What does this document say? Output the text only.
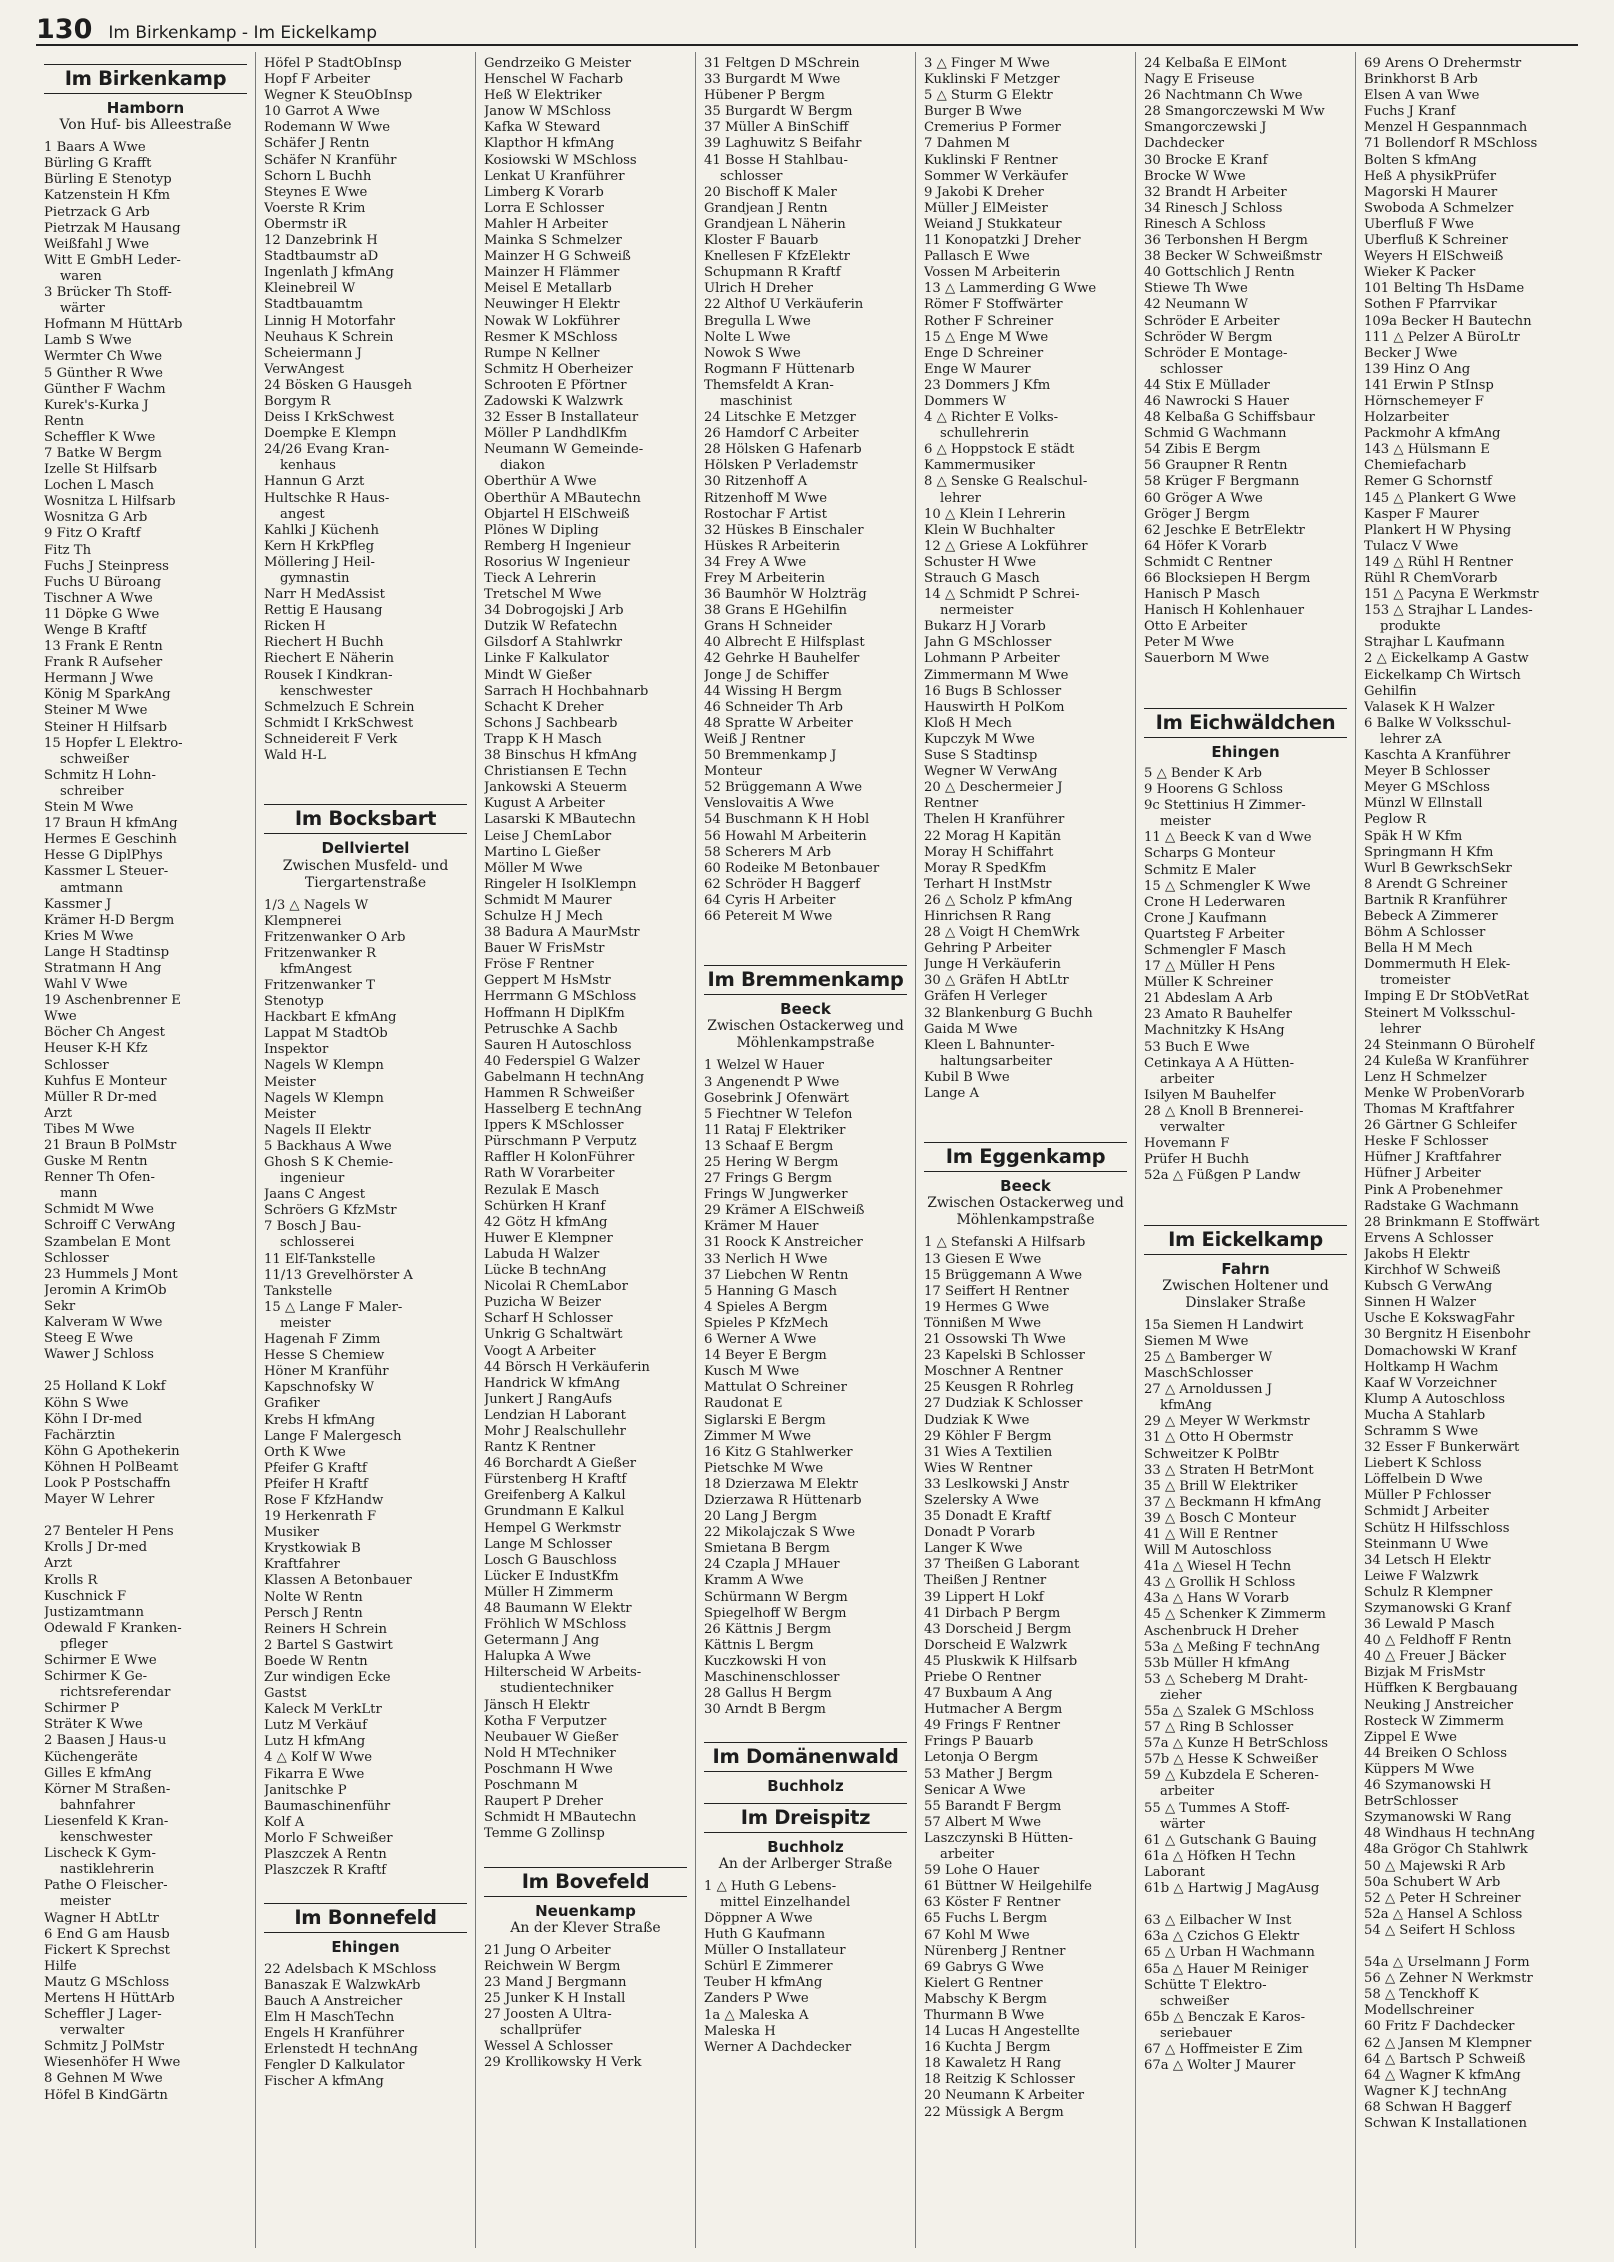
130 Im Birkenkamp - Im Eickelkamp
Im Birkenkamp
Hamborn
Von Huf- bis Alleestraße
1 Baars A Wwe
Bürling G Krafft
Bürling E Stenotyp
Katzenstein H Kfm
Pietrzack G Arb
Pietrzak M Hausang
Weißfahl J Wwe
Witt E GmbH Leder-
waren
3 Brücker Th Stoff-
wärter
Hofmann M HüttArb
Lamb S Wwe
Wermter Ch Wwe
5 Günther R Wwe
Günther F Wachm
Kurek's-Kurka J
Rentn
Scheffler K Wwe
7 Batke W Bergm
Izelle St Hilfsarb
Lochen L Masch
Wosnitza L Hilfsarb
Wosnitza G Arb
9 Fitz O Kraftf
Fitz Th
Fuchs J Steinpress
Fuchs U Büroang
Tischner A Wwe
11 Döpke G Wwe
Wenge B Kraftf
13 Frank E Rentn
Frank R Aufseher
Hermann J Wwe
König M SparkAng
Steiner M Wwe
Steiner H Hilfsarb
15 Hopfer L Elektro-
schweißer
Schmitz H Lohn-
schreiber
Stein M Wwe
17 Braun H kfmAng
Hermes E Geschinh
Hesse G DiplPhys
Kassmer L Steuer-
amtmann
Kassmer J
Krämer H-D Bergm
Kries M Wwe
Lange H Stadtinsp
Stratmann H Ang
Wahl V Wwe
19 Aschenbrenner E
Wwe
Böcher Ch Angest
Heuser K-H Kfz
Schlosser
Kuhfus E Monteur
Müller R Dr-med
Arzt
Tibes M Wwe
21 Braun B PolMstr
Guske M Rentn
Renner Th Ofen-
mann
Schmidt M Wwe
Schroiff C VerwAng
Szambelan E Mont
Schlosser
23 Hummels J Mont
Jeromin A KrimOb
Sekr
Kalveram W Wwe
Steeg E Wwe
Wawer J Schloss

25 Holland K Lokf
Köhn S Wwe
Köhn I Dr-med
Fachärztin
Köhn G Apothekerin
Köhnen H PolBeamt
Look P Postschaffn
Mayer W Lehrer

27 Benteler H Pens
Krolls J Dr-med
Arzt
Krolls R
Kuschnick F
Justizamtmann
Odewald F Kranken-
pfleger
Schirmer E Wwe
Schirmer K Ge-
richtsreferendar
Schirmer P
Sträter K Wwe
2 Baasen J Haus-u
Küchengeräte
Gilles E kfmAng
Körner M Straßen-
bahnfahrer
Liesenfeld K Kran-
kenschwester
Lischeck K Gym-
nastiklehrerin
Pathe O Fleischer-
meister
Wagner H AbtLtr
6 End G am Hausb
Fickert K Sprechst
Hilfe
Mautz G MSchloss
Mertens H HüttArb
Scheffler J Lager-
verwalter
Schmitz J PolMstr
Wiesenhöfer H Wwe
8 Gehnen M Wwe
Höfel B KindGärtn
Höfel P StadtObInsp
Hopf F Arbeiter
Wegner K SteuObInsp
10 Garrot A Wwe
Rodemann W Wwe
Schäfer J Rentn
Schäfer N Kranführ
Schorn L Buchh
Steynes E Wwe
Voerste R Krim
Obermstr iR
12 Danzebrink H
Stadtbaumstr aD
Ingenlath J kfmAng
Kleinebreil W
Stadtbauamtm
Linnig H Motorfahr
Neuhaus K Schrein
Scheiermann J
VerwAngest
24 Bösken G Hausgeh
Borgym R
Deiss I KrkSchwest
Doempke E Klempn
24/26 Evang Kran-
kenhaus
Hannun G Arzt
Hultschke R Haus-
angest
Kahlki J Küchenh
Kern H KrkPfleg
Möllering J Heil-
gymnastin
Narr H MedAssist
Rettig E Hausang
Ricken H
Riechert H Buchh
Riechert E Näherin
Rousek I Kindkran-
kenschwester
Schmelzuch E Schrein
Schmidt I KrkSchwest
Schneidereit F Verk
Wald H-L

Im Bocksbart
Dellviertel
Zwischen Musfeld- und Tiergartenstraße
1/3 △ Nagels W
Klempnerei
Fritzenwanker O Arb
Fritzenwanker R
kfmAngest
Fritzenwanker T
Stenotyp
Hackbart E kfmAng
Lappat M StadtOb
Inspektor
Nagels W Klempn
Meister
Nagels W Klempn
Meister
Nagels II Elektr
5 Backhaus A Wwe
Ghosh S K Chemie-
ingenieur
Jaans C Angest
Schröers G KfzMstr
7 Bosch J Bau-
schlosserei
11 Elf-Tankstelle
11/13 Grevelhörster A
Tankstelle
15 △ Lange F Maler-
meister
Hagenah F Zimm
Hesse S Chemiew
Höner M Kranführ
Kapschnofsky W
Grafiker
Krebs H kfmAng
Lange F Malergesch
Orth K Wwe
Pfeifer G Kraftf
Pfeifer H Kraftf
Rose F KfzHandw
19 Herkenrath F
Musiker
Krystkowiak B
Kraftfahrer
Klassen A Betonbauer
Nolte W Rentn
Persch J Rentn
Reiners H Schrein
2 Bartel S Gastwirt
Boede W Rentn
Zur windigen Ecke
Gastst
Kaleck M VerkLtr
Lutz M Verkäuf
Lutz H kfmAng
4 △ Kolf W Wwe
Fikarra E Wwe
Janitschke P
Baumaschinenführ
Kolf A
Morlo F Schweißer
Plaszczek A Rentn
Plaszczek R Kraftf

Im Bonnefeld
Ehingen
22 Adelsbach K MSchloss
Banaszak E WalzwkArb
Bauch A Anstreicher
Elm H MaschTechn
Engels H Kranführer
Erlenstedt H technAng
Fengler D Kalkulator
Fischer A kfmAng
Gendrzeiko G Meister
Henschel W Facharb
Heß W Elektriker
Janow W MSchloss
Kafka W Steward
Klapthor H kfmAng
Kosiowski W MSchloss
Lenkat U Kranführer
Limberg K Vorarb
Lorra E Schlosser
Mahler H Arbeiter
Mainka S Schmelzer
Mainzer H G Schweiß
Mainzer H Flämmer
Meisel E Metallarb
Neuwinger H Elektr
Nowak W Lokführer
Resmer K MSchloss
Rumpe N Kellner
Schmitz H Oberheizer
Schrooten E Pförtner
Zadowski K Walzwrk
32 Esser B Installateur
Möller P LandhdlKfm
Neumann W Gemeinde-
diakon
Oberthür A Wwe
Oberthür A MBautechn
Objartel H ElSchweiß
Plönes W Dipling
Remberg H Ingenieur
Rosorius W Ingenieur
Tieck A Lehrerin
Tretschel M Wwe
34 Dobrogojski J Arb
Dutzik W Refatechn
Gilsdorf A Stahlwrkr
Linke F Kalkulator
Mindt W Gießer
Sarrach H Hochbahnarb
Schacht K Dreher
Schons J Sachbearb
Trapp K H Masch
38 Binschus H kfmAng
Christiansen E Techn
Jankowski A Steuerm
Kugust A Arbeiter
Lasarski K MBautechn
Leise J ChemLabor
Martino L Gießer
Möller M Wwe
Ringeler H IsolKlempn
Schmidt M Maurer
Schulze H J Mech
38 Badura A MaurMstr
Bauer W FrisMstr
Fröse F Rentner
Geppert M HsMstr
Herrmann G MSchloss
Hoffmann H DiplKfm
Petruschke A Sachb
Sauren H Autoschloss
40 Federspiel G Walzer
Gabelmann H technAng
Hammen R Schweißer
Hasselberg E technAng
Ippers K MSchlosser
Pürschmann P Verputz
Raffler H KolonFührer
Rath W Vorarbeiter
Rezulak E Masch
Schürken H Kranf
42 Götz H kfmAng
Huwer E Klempner
Labuda H Walzer
Lücke B technAng
Nicolai R ChemLabor
Puzicha W Beizer
Scharf H Schlosser
Unkrig G Schaltwärt
Voogt A Arbeiter
44 Börsch H Verkäuferin
Handrick W kfmAng
Junkert J RangAufs
Lendzian H Laborant
Mohr J Realschullehr
Rantz K Rentner
46 Borchardt A Gießer
Fürstenberg H Kraftf
Greifenberg A Kalkul
Grundmann E Kalkul
Hempel G Werkmstr
Lange M Schlosser
Losch G Bauschloss
Lücker E IndustKfm
Müller H Zimmerm
48 Baumann W Elektr
Fröhlich W MSchloss
Getermann J Ang
Halupka A Wwe
Hilterscheid W Arbeits-
studientechniker
Jänsch H Elektr
Kotha F Verputzer
Neubauer W Gießer
Nold H MTechniker
Poschmann H Wwe
Poschmann M
Raupert P Dreher
Schmidt H MBautechn
Temme G Zollinsp

Im Bovefeld
Neuenkamp
An der Klever Straße
21 Jung O Arbeiter
Reichwein W Bergm
23 Mand J Bergmann
25 Junker K H Install
27 Joosten A Ultra-
schallprüfer
Wessel A Schlosser
29 Krollikowsky H Verk
31 Feltgen D MSchrein
33 Burgardt M Wwe
Hübener P Bergm
35 Burgardt W Bergm
37 Müller A BinSchiff
39 Laghuwitz S Beifahr
41 Bosse H Stahlbau-
schlosser
20 Bischoff K Maler
Grandjean J Rentn
Grandjean L Näherin
Kloster F Bauarb
Knellesen F KfzElektr
Schupmann R Kraftf
Ulrich H Dreher
22 Althof U Verkäuferin
Bregulla L Wwe
Nolte L Wwe
Nowok S Wwe
Rogmann F Hüttenarb
Themsfeldt A Kran-
maschinist
24 Litschke E Metzger
26 Hamdorf C Arbeiter
28 Hölsken G Hafenarb
Hölsken P Verlademstr
30 Ritzenhoff A
Ritzenhoff M Wwe
Rostochar F Artist
32 Hüskes B Einschaler
Hüskes R Arbeiterin
34 Frey A Wwe
Frey M Arbeiterin
36 Baumhör W Holzträg
38 Grans E HGehilfin
Grans H Schneider
40 Albrecht E Hilfsplast
42 Gehrke H Bauhelfer
Jonge J de Schiffer
44 Wissing H Bergm
46 Schneider Th Arb
48 Spratte W Arbeiter
Weiß J Rentner
50 Bremmenkamp J
Monteur
52 Brüggemann A Wwe
Venslovaitis A Wwe
54 Buschmann K H Hobl
56 Howahl M Arbeiterin
58 Scherers M Arb
60 Rodeike M Betonbauer
62 Schröder H Baggerf
64 Cyris H Arbeiter
66 Petereit M Wwe

Im Bremmenkamp
Beeck
Zwischen Ostackerweg und Möhlenkampstraße
1 Welzel W Hauer
3 Angenendt P Wwe
Gosebrink J Ofenwärt
5 Fiechtner W Telefon
11 Rataj F Elektriker
13 Schaaf E Bergm
25 Hering W Bergm
27 Frings G Bergm
Frings W Jungwerker
29 Krämer A ElSchweiß
Krämer M Hauer
31 Roock K Anstreicher
33 Nerlich H Wwe
37 Liebchen W Rentn
5 Hanning G Masch
4 Spieles A Bergm
Spieles P KfzMech
6 Werner A Wwe
14 Beyer E Bergm
Kusch M Wwe
Mattulat O Schreiner
Raudonat E
Siglarski E Bergm
Zimmer M Wwe
16 Kitz G Stahlwerker
Pietschke M Wwe
18 Dzierzawa M Elektr
Dzierzawa R Hüttenarb
20 Lang J Bergm
22 Mikolajczak S Wwe
Smietana B Bergm
24 Czapla J MHauer
Kramm A Wwe
Schürmann W Bergm
Spiegelhoff W Bergm
26 Kättnis J Bergm
Kättnis L Bergm
Kuczkowski H von
Maschinenschlosser
28 Gallus H Bergm
30 Arndt B Bergm

Im Domänenwald
Buchholz
Im Dreispitz
Buchholz
An der Arlberger Straße
1 △ Huth G Lebens-
mittel Einzelhandel
Döppner A Wwe
Huth G Kaufmann
Müller O Installateur
Schürl E Zimmerer
Teuber H kfmAng
Zanders P Wwe
1a △ Maleska A
Maleska H
Werner A Dachdecker
3 △ Finger M Wwe
Kuklinski F Metzger
5 △ Sturm G Elektr
Burger B Wwe
Cremerius P Former
7 Dahmen M
Kuklinski F Rentner
Sommer W Verkäufer
9 Jakobi K Dreher
Müller J ElMeister
Weiand J Stukkateur
11 Konopatzki J Dreher
Pallasch E Wwe
Vossen M Arbeiterin
13 △ Lammerding G Wwe
Römer F Stoffwärter
Rother F Schreiner
15 △ Enge M Wwe
Enge D Schreiner
Enge W Maurer
23 Dommers J Kfm
Dommers W
4 △ Richter E Volks-
schullehrerin
6 △ Hoppstock E städt
Kammermusiker
8 △ Senske G Realschul-
lehrer
10 △ Klein I Lehrerin
Klein W Buchhalter
12 △ Griese A Lokführer
Schuster H Wwe
Strauch G Masch
14 △ Schmidt P Schrei-
nermeister
Bukarz H J Vorarb
Jahn G MSchlosser
Lohmann P Arbeiter
Zimmermann M Wwe
16 Bugs B Schlosser
Hauswirth H PolKom
Kloß H Mech
Kupczyk M Wwe
Suse S Stadtinsp
Wegner W VerwAng
20 △ Deschermeier J
Rentner
Thelen H Kranführer
22 Morag H Kapitän
Moray H Schiffahrt
Moray R SpedKfm
Terhart H InstMstr
26 △ Scholz P kfmAng
Hinrichsen R Rang
28 △ Voigt H ChemWrk
Gehring P Arbeiter
Junge H Verkäuferin
30 △ Gräfen H AbtLtr
Gräfen H Verleger
32 Blankenburg G Buchh
Gaida M Wwe
Kleen L Bahnunter-
haltungsarbeiter
Kubil B Wwe
Lange A

Im Eggenkamp
Beeck
Zwischen Ostackerweg und Möhlenkampstraße
1 △ Stefanski A Hilfsarb
13 Giesen E Wwe
15 Brüggemann A Wwe
17 Seiffert H Rentner
19 Hermes G Wwe
Tönnißen M Wwe
21 Ossowski Th Wwe
23 Kapelski B Schlosser
Moschner A Rentner
25 Keusgen R Rohrleg
27 Dudziak K Schlosser
Dudziak K Wwe
29 Köhler F Bergm
31 Wies A Textilien
Wies W Rentner
33 Leslkowski J Anstr
Szelersky A Wwe
35 Donadt E Kraftf
Donadt P Vorarb
Langer K Wwe
37 Theißen G Laborant
Theißen J Rentner
39 Lippert H Lokf
41 Dirbach P Bergm
43 Dorscheid J Bergm
Dorscheid E Walzwrk
45 Pluskwik K Hilfsarb
Priebe O Rentner
47 Buxbaum A Ang
Hutmacher A Bergm
49 Frings F Rentner
Frings P Bauarb
Letonja O Bergm
53 Mather J Bergm
Senicar A Wwe
55 Barandt F Bergm
57 Albert M Wwe
Laszczynski B Hütten-
arbeiter
59 Lohe O Hauer
61 Büttner W Heilgehilfe
63 Köster F Rentner
65 Fuchs L Bergm
67 Kohl M Wwe
Nürenberg J Rentner
69 Gabrys G Wwe
Kielert G Rentner
Mabschy K Bergm
Thurmann B Wwe
14 Lucas H Angestellte
16 Kuchta J Bergm
18 Kawaletz H Rang
18 Reitzig K Schlosser
20 Neumann K Arbeiter
22 Müssigk A Bergm
24 Kelbaßa E ElMont
Nagy E Friseuse
26 Nachtmann Ch Wwe
28 Smangorczewski M Ww
Smangorczewski J
Dachdecker
30 Brocke E Kranf
Brocke W Wwe
32 Brandt H Arbeiter
34 Rinesch J Schloss
Rinesch A Schloss
36 Terbonshen H Bergm
38 Becker W Schweißmstr
40 Gottschlich J Rentn
Stiewe Th Wwe
42 Neumann W
Schröder E Arbeiter
Schröder W Bergm
Schröder E Montage-
schlosser
44 Stix E Müllader
46 Nawrocki S Hauer
48 Kelbaßa G Schiffsbaur
Schmid G Wachmann
54 Zibis E Bergm
56 Graupner R Rentn
58 Krüger F Bergmann
60 Gröger A Wwe
Gröger J Bergm
62 Jeschke E BetrElektr
64 Höfer K Vorarb
Schmidt C Rentner
66 Blocksiepen H Bergm
Hanisch P Masch
Hanisch H Kohlenhauer
Otto E Arbeiter
Peter M Wwe
Sauerborn M Wwe

Im Eichwäldchen
Ehingen
5 △ Bender K Arb
9 Hoorens G Schloss
9c Stettinius H Zimmer-
meister
11 △ Beeck K van d Wwe
Scharps G Monteur
Schmitz E Maler
15 △ Schmengler K Wwe
Crone H Lederwaren
Crone J Kaufmann
Quartsteg F Arbeiter
Schmengler F Masch
17 △ Müller H Pens
Müller K Schreiner
21 Abdeslam A Arb
23 Amato R Bauhelfer
Machnitzky K HsAng
53 Buch E Wwe
Cetinkaya A A Hütten-
arbeiter
Isilyen M Bauhelfer
28 △ Knoll B Brennerei-
verwalter
Hovemann F
Prüfer H Buchh
52a △ Füßgen P Landw

Im Eickelkamp
Fahrn
Zwischen Holtener und Dinslaker Straße
15a Siemen H Landwirt
Siemen M Wwe
25 △ Bamberger W
MaschSchlosser
27 △ Arnoldussen J
kfmAng
29 △ Meyer W Werkmstr
31 △ Otto H Obermstr
Schweitzer K PolBtr
33 △ Straten H BetrMont
35 △ Brill W Elektriker
37 △ Beckmann H kfmAng
39 △ Bosch C Monteur
41 △ Will E Rentner
Will M Autoschloss
41a △ Wiesel H Techn
43 △ Grollik H Schloss
43a △ Hans W Vorarb
45 △ Schenker K Zimmerm
Aschenbruck H Dreher
53a △ Meßing F technAng
53b Müller H kfmAng
53 △ Scheberg M Draht-
zieher
55a △ Szalek G MSchloss
57 △ Ring B Schlosser
57a △ Kunze H BetrSchloss
57b △ Hesse K Schweißer
59 △ Kubzdela E Scheren-
arbeiter
55 △ Tummes A Stoff-
wärter
61 △ Gutschank G Bauing
61a △ Höfken H Techn
Laborant
61b △ Hartwig J MagAusg

63 △ Eilbacher W Inst
63a △ Czichos G Elektr
65 △ Urban H Wachmann
65a △ Hauer M Reiniger
Schütte T Elektro-
schweißer
65b △ Benczak E Karos-
seriebauer
67 △ Hoffmeister E Zim
67a △ Wolter J Maurer
69 Arens O Drehermstr
Brinkhorst B Arb
Elsen A van Wwe
Fuchs J Kranf
Menzel H Gespannmach
71 Bollendorf R MSchloss
Bolten S kfmAng
Heß A physikPrüfer
Magorski H Maurer
Swoboda A Schmelzer
Überfluß F Wwe
Überfluß K Schreiner
Weyers H ElSchweiß
Wieker K Packer
101 Belting Th HsDame
Sothen F Pfarrvikar
109a Becker H Bautechn
111 △ Pelzer A BüroLtr
Becker J Wwe
139 Hinz O Ang
141 Erwin P StInsp
Hörnschemeyer F
Holzarbeiter
Packmohr A kfmAng
143 △ Hülsmann E
Chemiefacharb
Remer G Schornstf
145 △ Plankert G Wwe
Kasper F Maurer
Plankert H W Physing
Tulacz V Wwe
149 △ Rühl H Rentner
Rühl R ChemVorarb
151 △ Pacyna E Werkmstr
153 △ Strajhar L Landes-
produkte
Strajhar L Kaufmann
2 △ Eickelkamp A Gastw
Eickelkamp Ch Wirtsch
Gehilfin
Valasek K H Walzer
6 Balke W Volksschul-
lehrer zA
Kaschta A Kranführer
Meyer B Schlosser
Meyer G MSchloss
Münzl W Ellnstall
Peglow R
Späk H W Kfm
Springmann H Kfm
Wurl B GewrkschSekr
8 Arendt G Schreiner
Bartnik R Kranführer
Bebeck A Zimmerer
Böhm A Schlosser
Bella H M Mech
Dommermuth H Elek-
tromeister
Imping E Dr StObVetRat
Steinert M Volksschul-
lehrer
24 Steinmann O Bürohelf
24 Kuleßa W Kranführer
Lenz H Schmelzer
Menke W ProbenVorarb
Thomas M Kraftfahrer
26 Gärtner G Schleifer
Heske F Schlosser
Hüfner J Kraftfahrer
Hüfner J Arbeiter
Pink A Probenehmer
Radstake G Wachmann
28 Brinkmann E Stoffwärt
Ervens A Schlosser
Jakobs H Elektr
Kirchhof W Schweiß
Kubsch G VerwAng
Sinnen H Walzer
Usche E KokswagFahr
30 Bergnitz H Eisenbohr
Domachowski W Kranf
Holtkamp H Wachm
Kaaf W Vorzeichner
Klump A Autoschloss
Mucha A Stahlarb
Schramm S Wwe
32 Esser F Bunkerwärt
Liebert K Schloss
Löffelbein D Wwe
Müller P Fchlosser
Schmidt J Arbeiter
Schütz H Hilfsschloss
Steinmann U Wwe
34 Letsch H Elektr
Leiwe F Walzwrk
Schulz R Klempner
Szymanowski G Kranf
36 Lewald P Masch
40 △ Feldhoff F Rentn
40 △ Freuer J Bäcker
Bizjak M FrisMstr
Hüffken K Bergbauang
Neuking J Anstreicher
Rosteck W Zimmerm
Zippel E Wwe
44 Breiken O Schloss
Küppers M Wwe
46 Szymanowski H
BetrSchlosser
Szymanowski W Rang
48 Windhaus H technAng
48a Grögor Ch Stahlwrk
50 △ Majewski R Arb
50a Schubert W Arb
52 △ Peter H Schreiner
52a △ Hansel A Schloss
54 △ Seifert H Schloss

54a △ Urselmann J Form
56 △ Zehner N Werkmstr
58 △ Tenckhoff K
Modellschreiner
60 Fritz F Dachdecker
62 △ Jansen M Klempner
64 △ Bartsch P Schweiß
64 △ Wagner K kfmAng
Wagner K J technAng
68 Schwan H Baggerf
Schwan K Installationen
